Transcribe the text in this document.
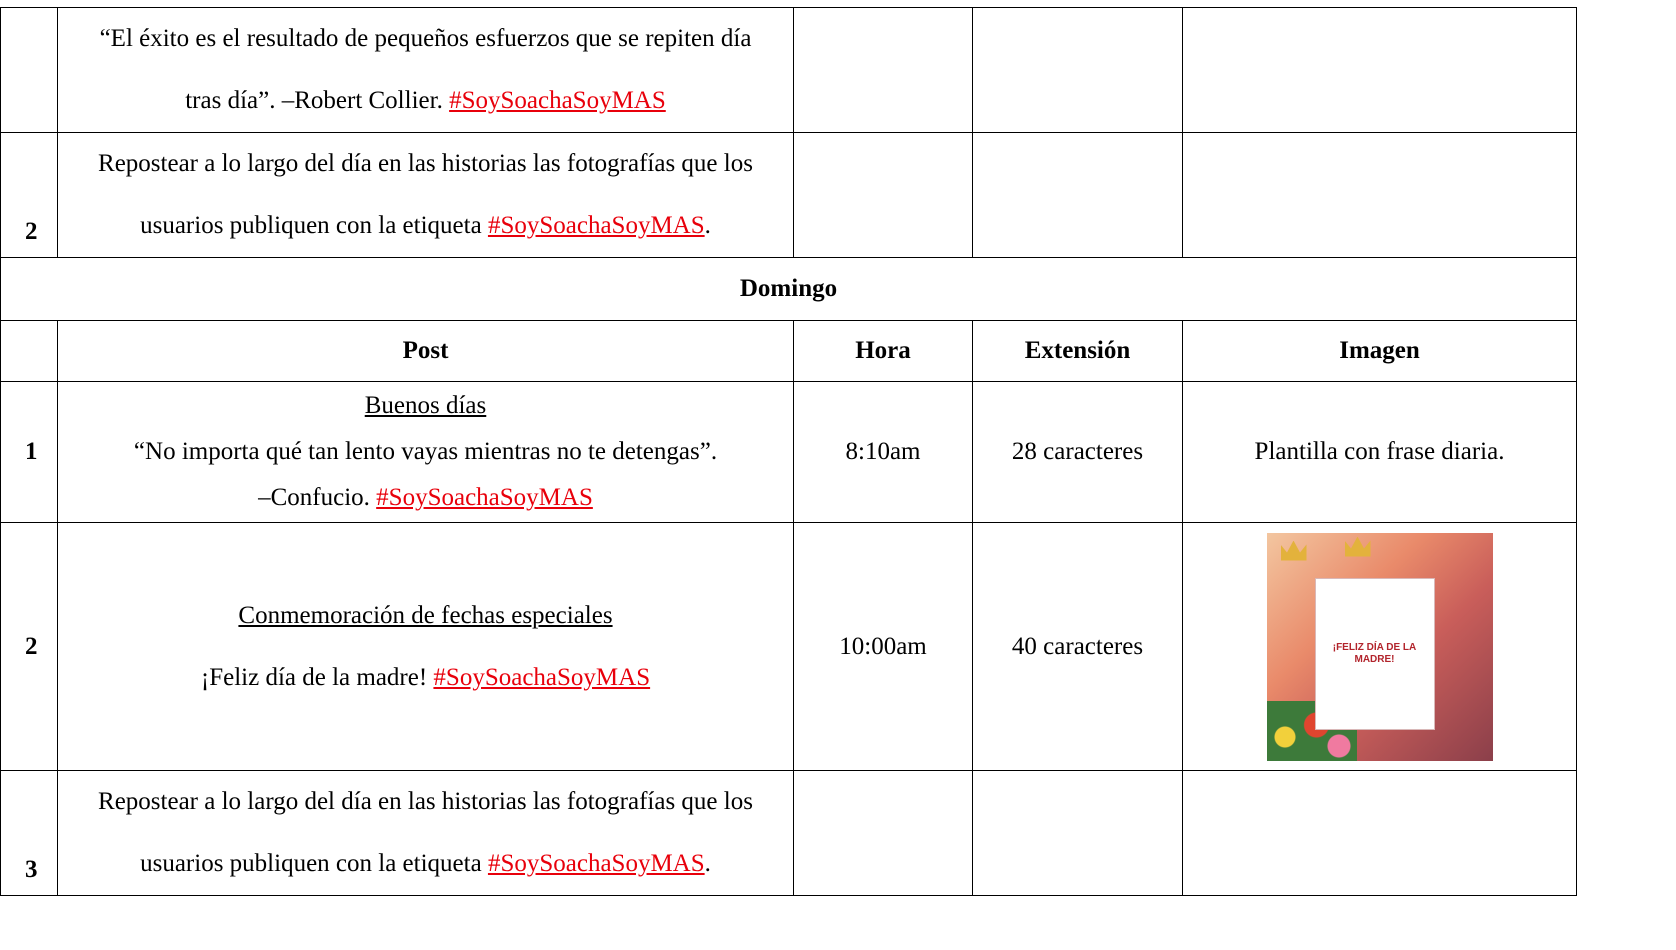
	“El éxito es el resultado de pequeños esfuerzos que se repiten día
tras día”. –Robert Collier. #SoySoachaSoyMAS			

2	Repostear a lo largo del día en las historias las fotografías que los
usuarios publiquen con la etiqueta #SoySoachaSoyMAS.			

Domingo				
	Post	Hora	Extensión	Imagen
1	Buenos días
“No importa qué tan lento vayas mientras no te detengas”.
–Confucio. #SoySoachaSoyMAS	8:10am	28 caracteres	Plantilla con frase diaria.
2	Conmemoración de fechas especiales
¡Feliz día de la madre! #SoySoachaSoyMAS	10:00am	40 caracteres	¡FELIZ DÍA DE LA MADRE!

3	Repostear a lo largo del día en las historias las fotografías que los
usuarios publiquen con la etiqueta #SoySoachaSoyMAS.			
